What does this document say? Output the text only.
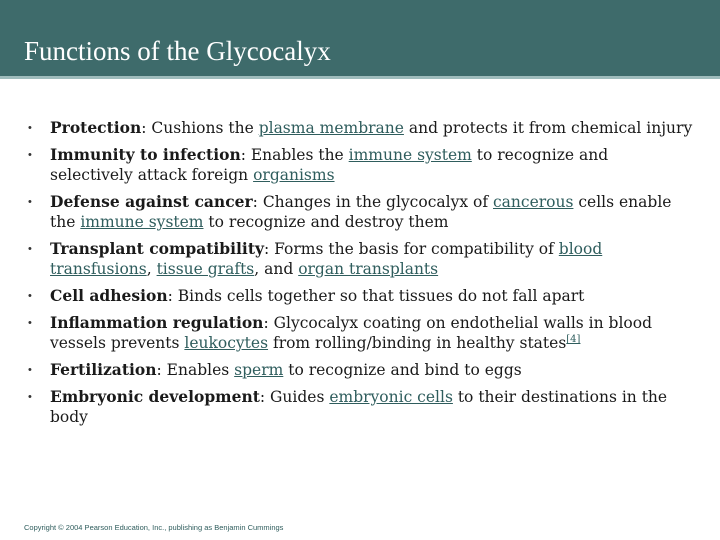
Functions of the Glycocalyx
• Protection: Cushions the plasma membrane and protects it from chemical injury
• Immunity to infection: Enables the immune system to recognize and selectively attack foreign organisms
• Defense against cancer: Changes in the glycocalyx of cancerous cells enable the immune system to recognize and destroy them
• Transplant compatibility: Forms the basis for compatibility of blood transfusions, tissue grafts, and organ transplants
• Cell adhesion: Binds cells together so that tissues do not fall apart
• Inflammation regulation: Glycocalyx coating on endothelial walls in blood vessels prevents leukocytes from rolling/binding in healthy states[4]
• Fertilization: Enables sperm to recognize and bind to eggs
• Embryonic development: Guides embryonic cells to their destinations in the body
Copyright © 2004 Pearson Education, Inc., publishing as Benjamin Cummings
